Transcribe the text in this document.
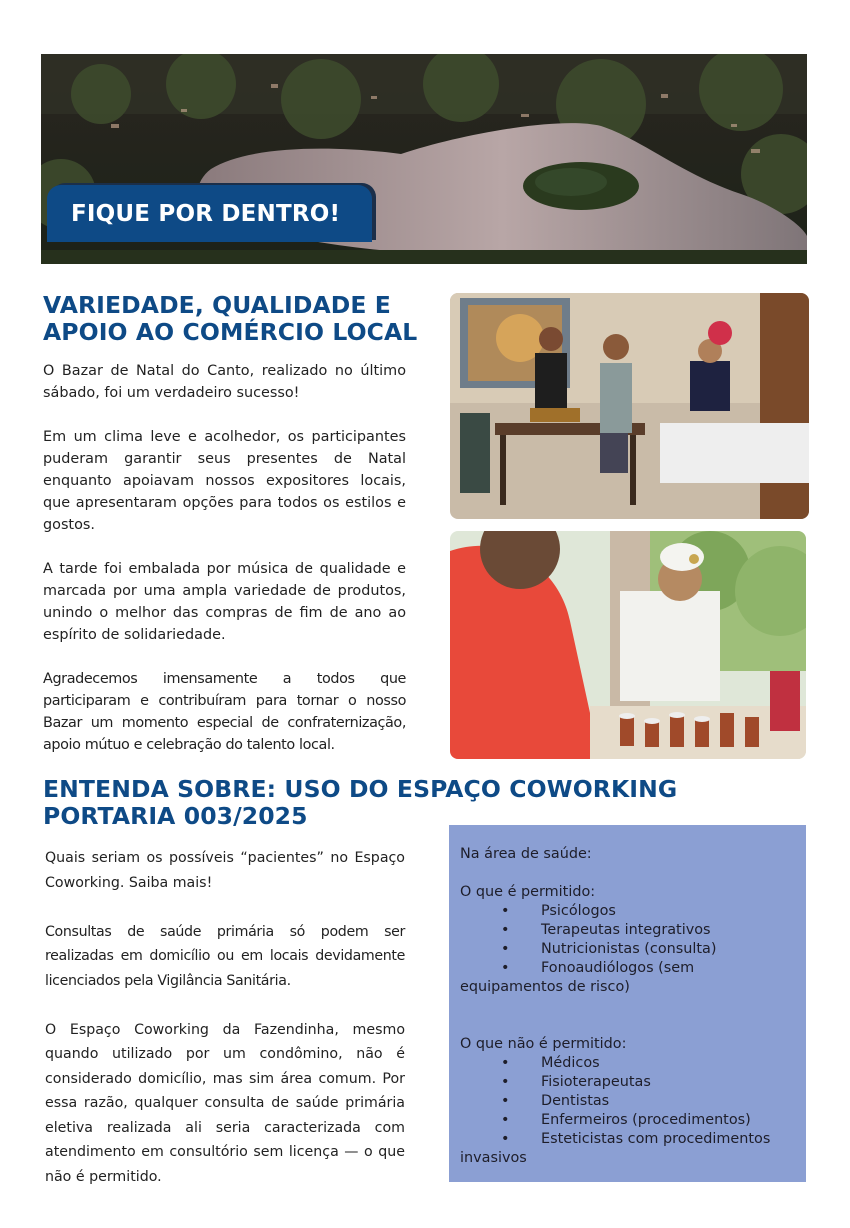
FIQUE POR DENTRO!
VARIEDADE, QUALIDADE E APOIO AO COMÉRCIO LOCAL

O Bazar de Natal do Canto, realizado no último sábado, foi um verdadeiro sucesso!

Em um clima leve e acolhedor, os participantes puderam garantir seus presentes de Natal enquanto apoiavam nossos expositores locais, que apresentaram opções para todos os estilos e gostos.

A tarde foi embalada por música de qualidade e marcada por uma ampla variedade de produtos, unindo o melhor das compras de fim de ano ao espírito de solidariedade.

Agradecemos imensamente a todos que participaram e contribuíram para tornar o nosso Bazar um momento especial de confraternização, apoio mútuo e celebração do talento local.

ENTENDA SOBRE: USO DO ESPAÇO COWORKING PORTARIA 003/2025

Quais seriam os possíveis “pacientes” no Espaço Coworking. Saiba mais!

Consultas de saúde primária só podem ser realizadas em domicílio ou em locais devidamente licenciados pela Vigilância Sanitária.

O Espaço Coworking da Fazendinha, mesmo quando utilizado por um condômino, não é considerado domicílio, mas sim área comum. Por essa razão, qualquer consulta de saúde primária eletiva realizada ali seria caracterizada com atendimento em consultório sem licença — o que não é permitido.

Na área de saúde:
O que é permitido:
• Psicólogos
• Terapeutas integrativos
• Nutricionistas (consulta)
• Fonoaudiólogos (sem equipamentos de risco)
O que não é permitido:
• Médicos
• Fisioterapeutas
• Dentistas
• Enfermeiros (procedimentos)
• Esteticistas com procedimentos invasivos
